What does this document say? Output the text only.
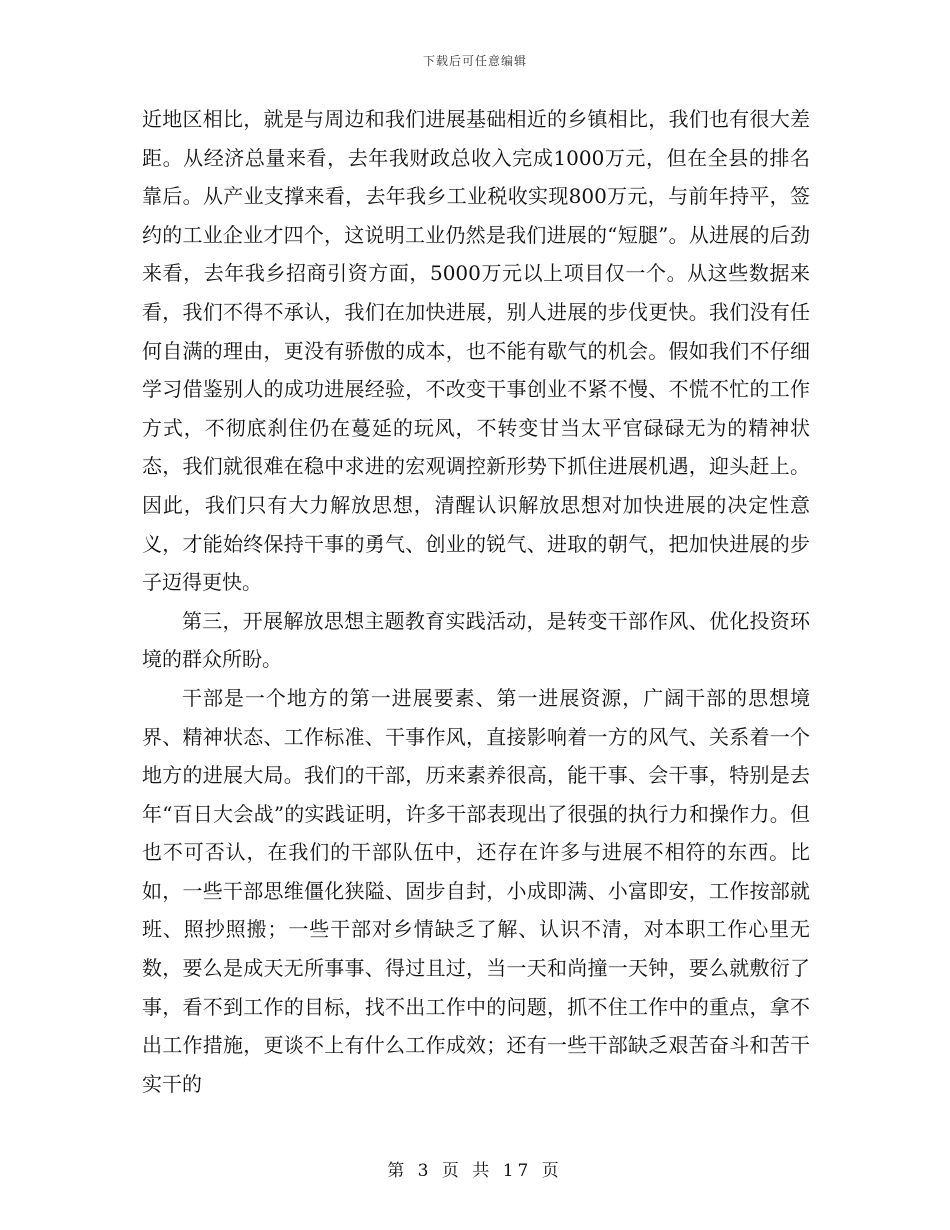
下载后可任意编辑

近地区相比，就是与周边和我们进展基础相近的乡镇相比，我们也有很大差距。从经济总量来看，去年我财政总收入完成1000万元，但在全县的排名靠后。从产业支撑来看，去年我乡工业税收实现800万元，与前年持平，签约的工业企业才四个，这说明工业仍然是我们进展的“短腿”。从进展的后劲来看，去年我乡招商引资方面，5000万元以上项目仅一个。从这些数据来看，我们不得不承认，我们在加快进展，别人进展的步伐更快。我们没有任何自满的理由，更没有骄傲的成本，也不能有歇气的机会。假如我们不仔细学习借鉴别人的成功进展经验，不改变干事创业不紧不慢、不慌不忙的工作方式，不彻底刹住仍在蔓延的玩风，不转变甘当太平官碌碌无为的精神状态，我们就很难在稳中求进的宏观调控新形势下抓住进展机遇，迎头赶上。因此，我们只有大力解放思想，清醒认识解放思想对加快进展的决定性意义，才能始终保持干事的勇气、创业的锐气、进取的朝气，把加快进展的步子迈得更快。

第三，开展解放思想主题教育实践活动，是转变干部作风、优化投资环境的群众所盼。

干部是一个地方的第一进展要素、第一进展资源，广阔干部的思想境界、精神状态、工作标准、干事作风，直接影响着一方的风气、关系着一个地方的进展大局。我们的干部，历来素养很高，能干事、会干事，特别是去年“百日大会战”的实践证明，许多干部表现出了很强的执行力和操作力。但也不可否认，在我们的干部队伍中，还存在许多与进展不相符的东西。比如，一些干部思维僵化狭隘、固步自封，小成即满、小富即安，工作按部就班、照抄照搬；一些干部对乡情缺乏了解、认识不清，对本职工作心里无数，要么是成天无所事事、得过且过，当一天和尚撞一天钟，要么就敷衍了事，看不到工作的目标，找不出工作中的问题，抓不住工作中的重点，拿不出工作措施，更谈不上有什么工作成效；还有一些干部缺乏艰苦奋斗和苦干实干的

第 3 页 共 17 页
